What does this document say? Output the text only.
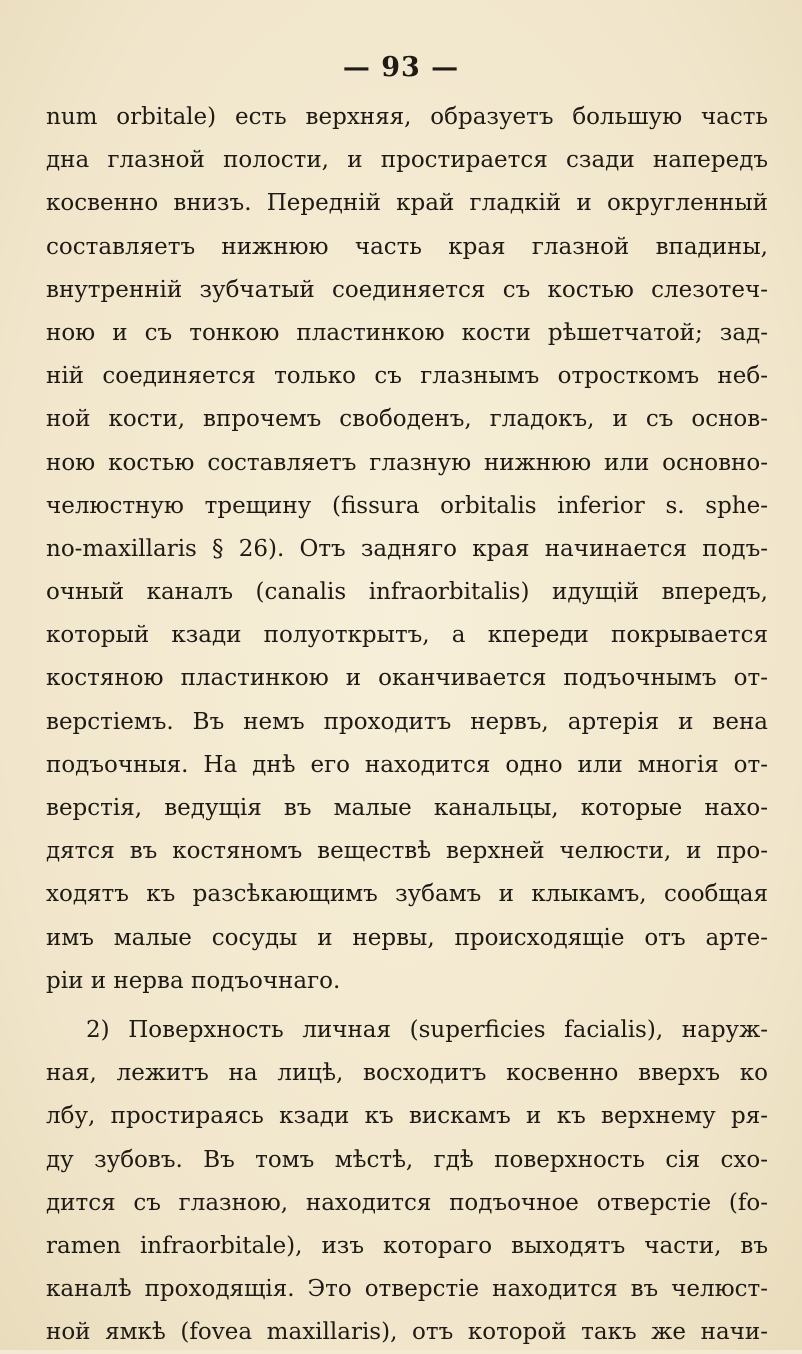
— 93 —
num orbitale) есть верхняя, образуетъ большую часть
дна глазной полости, и простирается сзади напередъ
косвенно внизъ. Передній край гладкій и округленный
составляетъ нижнюю часть края глазной впадины,
внутренній зубчатый соединяется съ костью слезотеч-
ною и съ тонкою пластинкою кости рѣшетчатой; зад-
ній соединяется только съ глазнымъ отросткомъ неб-
ной кости, впрочемъ свободенъ, гладокъ, и съ основ-
ною костью составляетъ глазную нижнюю или основно-
челюстную трещину (fissura orbitalis inferior s. sphe-
no-maxillaris § 26). Отъ задняго края начинается подъ-
очный каналъ (canalis infraorbitalis) идущій впередъ,
который кзади полуоткрытъ, а кпереди покрывается
костяною пластинкою и оканчивается подъочнымъ от-
верстіемъ. Въ немъ проходитъ нервъ, артерія и вена
подъочныя. На днѣ его находится одно или многія от-
верстія, ведущія въ малые канальцы, которые нахо-
дятся въ костяномъ веществѣ верхней челюсти, и про-
ходятъ къ разсѣкающимъ зубамъ и клыкамъ, сообщая
имъ малые сосуды и нервы, происходящіе отъ арте-
ріи и нерва подъочнаго.
2) Поверхность личная (superficies facialis), наруж-
ная, лежитъ на лицѣ, восходитъ косвенно вверхъ ко
лбу, простираясь кзади къ вискамъ и къ верхнему ря-
ду зубовъ. Въ томъ мѣстѣ, гдѣ поверхность сія схо-
дится съ глазною, находится подъочное отверстіе (fo-
ramen infraorbitale), изъ котораго выходятъ части, въ
каналѣ проходящія. Это отверстіе находится въ челюст-
ной ямкѣ (fovea maxillaris), отъ которой такъ же начи-
